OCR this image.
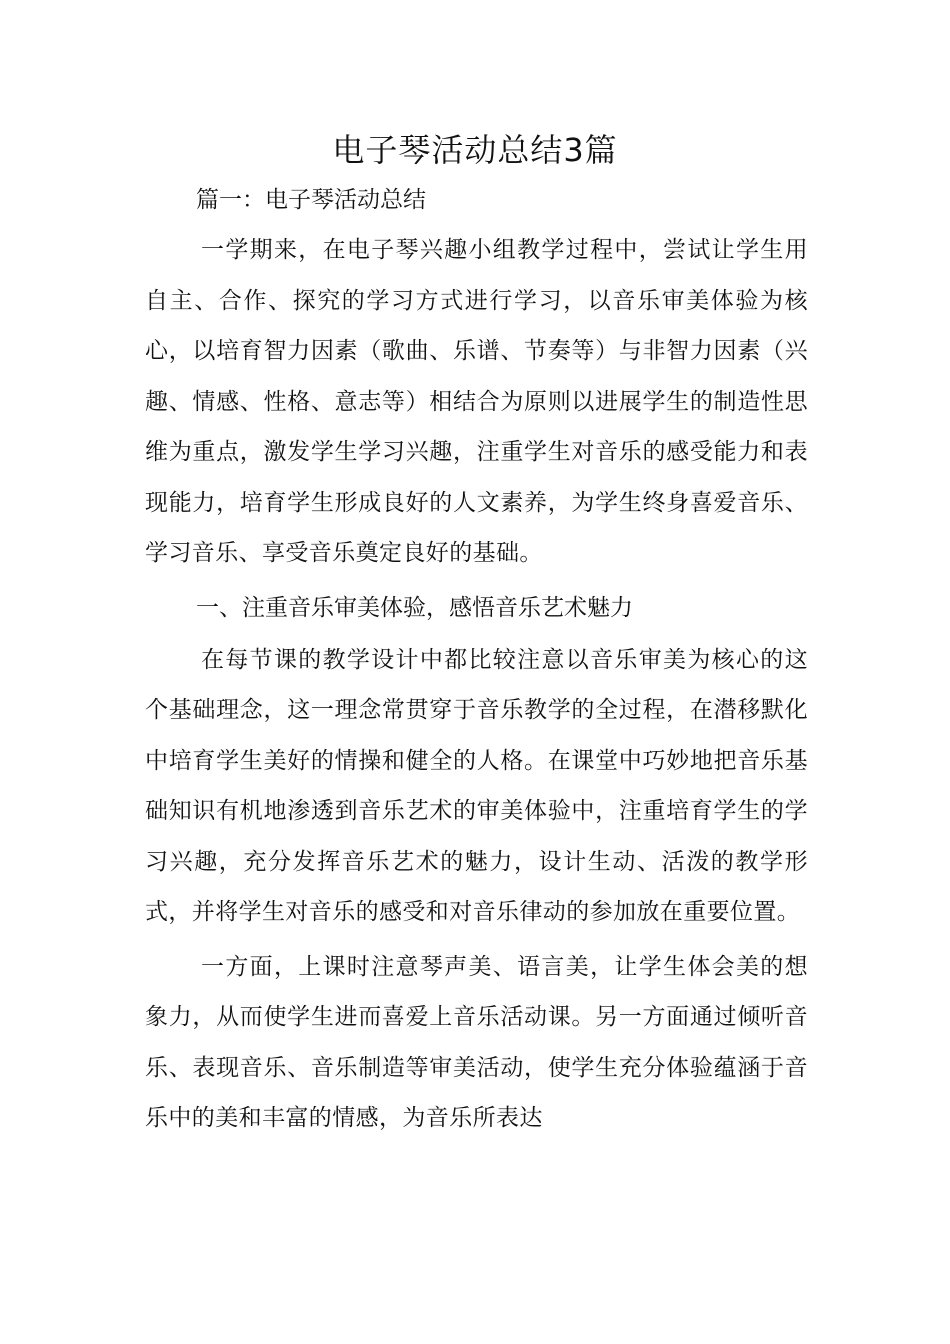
电子琴活动总结3篇
篇一：电子琴活动总结

一学期来，在电子琴兴趣小组教学过程中，尝试让学生用自主、合作、探究的学习方式进行学习，以音乐审美体验为核心，以培育智力因素（歌曲、乐谱、节奏等）与非智力因素（兴趣、情感、性格、意志等）相结合为原则以进展学生的制造性思维为重点，激发学生学习兴趣，注重学生对音乐的感受能力和表现能力，培育学生形成良好的人文素养，为学生终身喜爱音乐、学习音乐、享受音乐奠定良好的基础。

一、注重音乐审美体验，感悟音乐艺术魅力

在每节课的教学设计中都比较注意以音乐审美为核心的这个基础理念，这一理念常贯穿于音乐教学的全过程，在潜移默化中培育学生美好的情操和健全的人格。在课堂中巧妙地把音乐基础知识有机地渗透到音乐艺术的审美体验中，注重培育学生的学习兴趣，充分发挥音乐艺术的魅力，设计生动、活泼的教学形式，并将学生对音乐的感受和对音乐律动的参加放在重要位置。

一方面，上课时注意琴声美、语言美，让学生体会美的想象力，从而使学生进而喜爱上音乐活动课。另一方面通过倾听音乐、表现音乐、音乐制造等审美活动，使学生充分体验蕴涵于音乐中的美和丰富的情感，为音乐所表达
